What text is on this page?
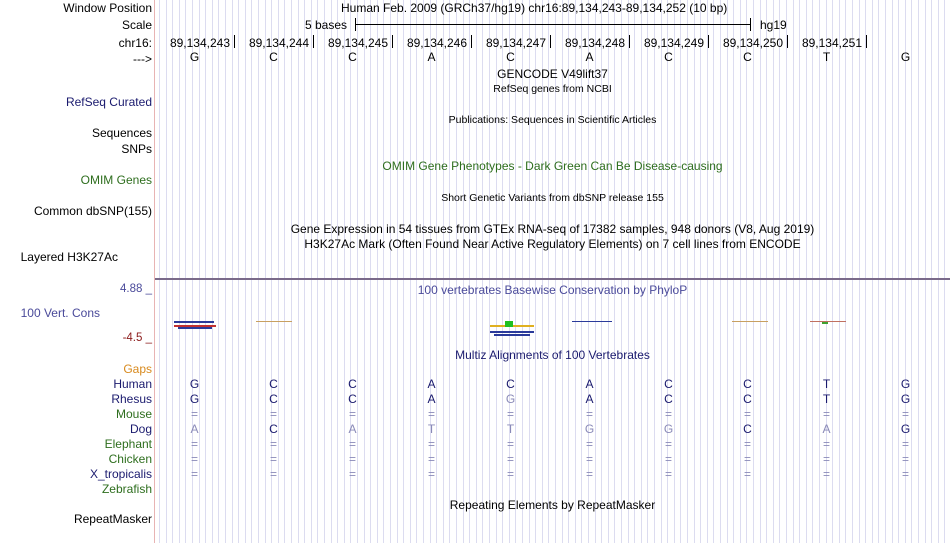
Window Position
Scale
chr16:
--->
RefSeq Curated
Sequences
SNPs
OMIM Genes
Common dbSNP(155)
Layered H3K27Ac
4.88 _
100 Vert. Cons
-4.5 _
Gaps
RepeatMasker
Human Feb. 2009 (GRCh37/hg19) chr16:89,134,243-89,134,252 (10 bp)
5 bases	hg19
89,134,243	89,134,244	89,134,245	89,134,246	89,134,247	89,134,248	89,134,249	89,134,250	89,134,251
G	C	C	A	C	A	C	C	T	G
GENCODE V49lift37
RefSeq genes from NCBI
Publications: Sequences in Scientific Articles
OMIM Gene Phenotypes - Dark Green Can Be Disease-causing
Short Genetic Variants from dbSNP release 155
Gene Expression in 54 tissues from GTEx RNA-seq of 17382 samples, 948 donors (V8, Aug 2019)
H3K27Ac Mark (Often Found Near Active Regulatory Elements) on 7 cell lines from ENCODE
100 vertebrates Basewise Conservation by PhyloP
Multiz Alignments of 100 Vertebrates
Human	G	C	C	A	C	A	C	C	T	G
Rhesus	G	C	C	A	G	A	C	C	T	G
Mouse	=	=	=	=	=	=	=	=	=	=
Dog	A	C	A	T	T	G	G	C	A	G
Elephant	=	=	=	=	=	=	=	=	=	=
Chicken	=	=	=	=	=	=	=	=	=	=
X_tropicalis	=	=	=	=	=	=	=	=	=	=
Zebrafish
Repeating Elements by RepeatMasker
